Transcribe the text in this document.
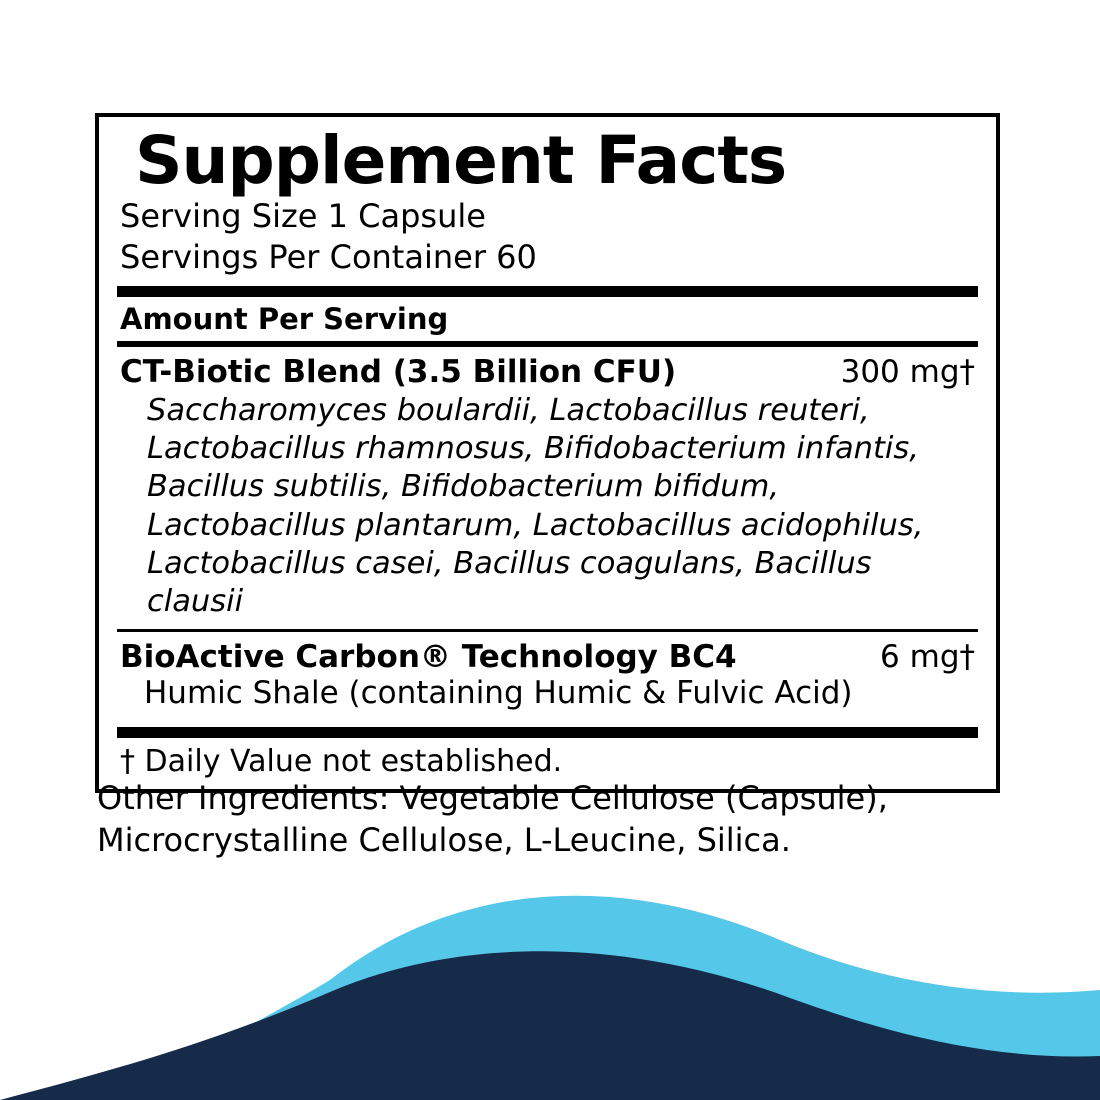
Supplement Facts
Serving Size 1 Capsule
Servings Per Container 60
Amount Per Serving
CT-Biotic Blend (3.5 Billion CFU)	300 mg†
Saccharomyces boulardii, Lactobacillus reuteri, Lactobacillus rhamnosus, Bifidobacterium infantis, Bacillus subtilis, Bifidobacterium bifidum, Lactobacillus plantarum, Lactobacillus acidophilus, Lactobacillus casei, Bacillus coagulans, Bacillus clausii
BioActive Carbon® Technology BC4	6 mg†
Humic Shale (containing Humic & Fulvic Acid)
† Daily Value not established.
Other Ingredients: Vegetable Cellulose (Capsule), Microcrystalline Cellulose, L-Leucine, Silica.
